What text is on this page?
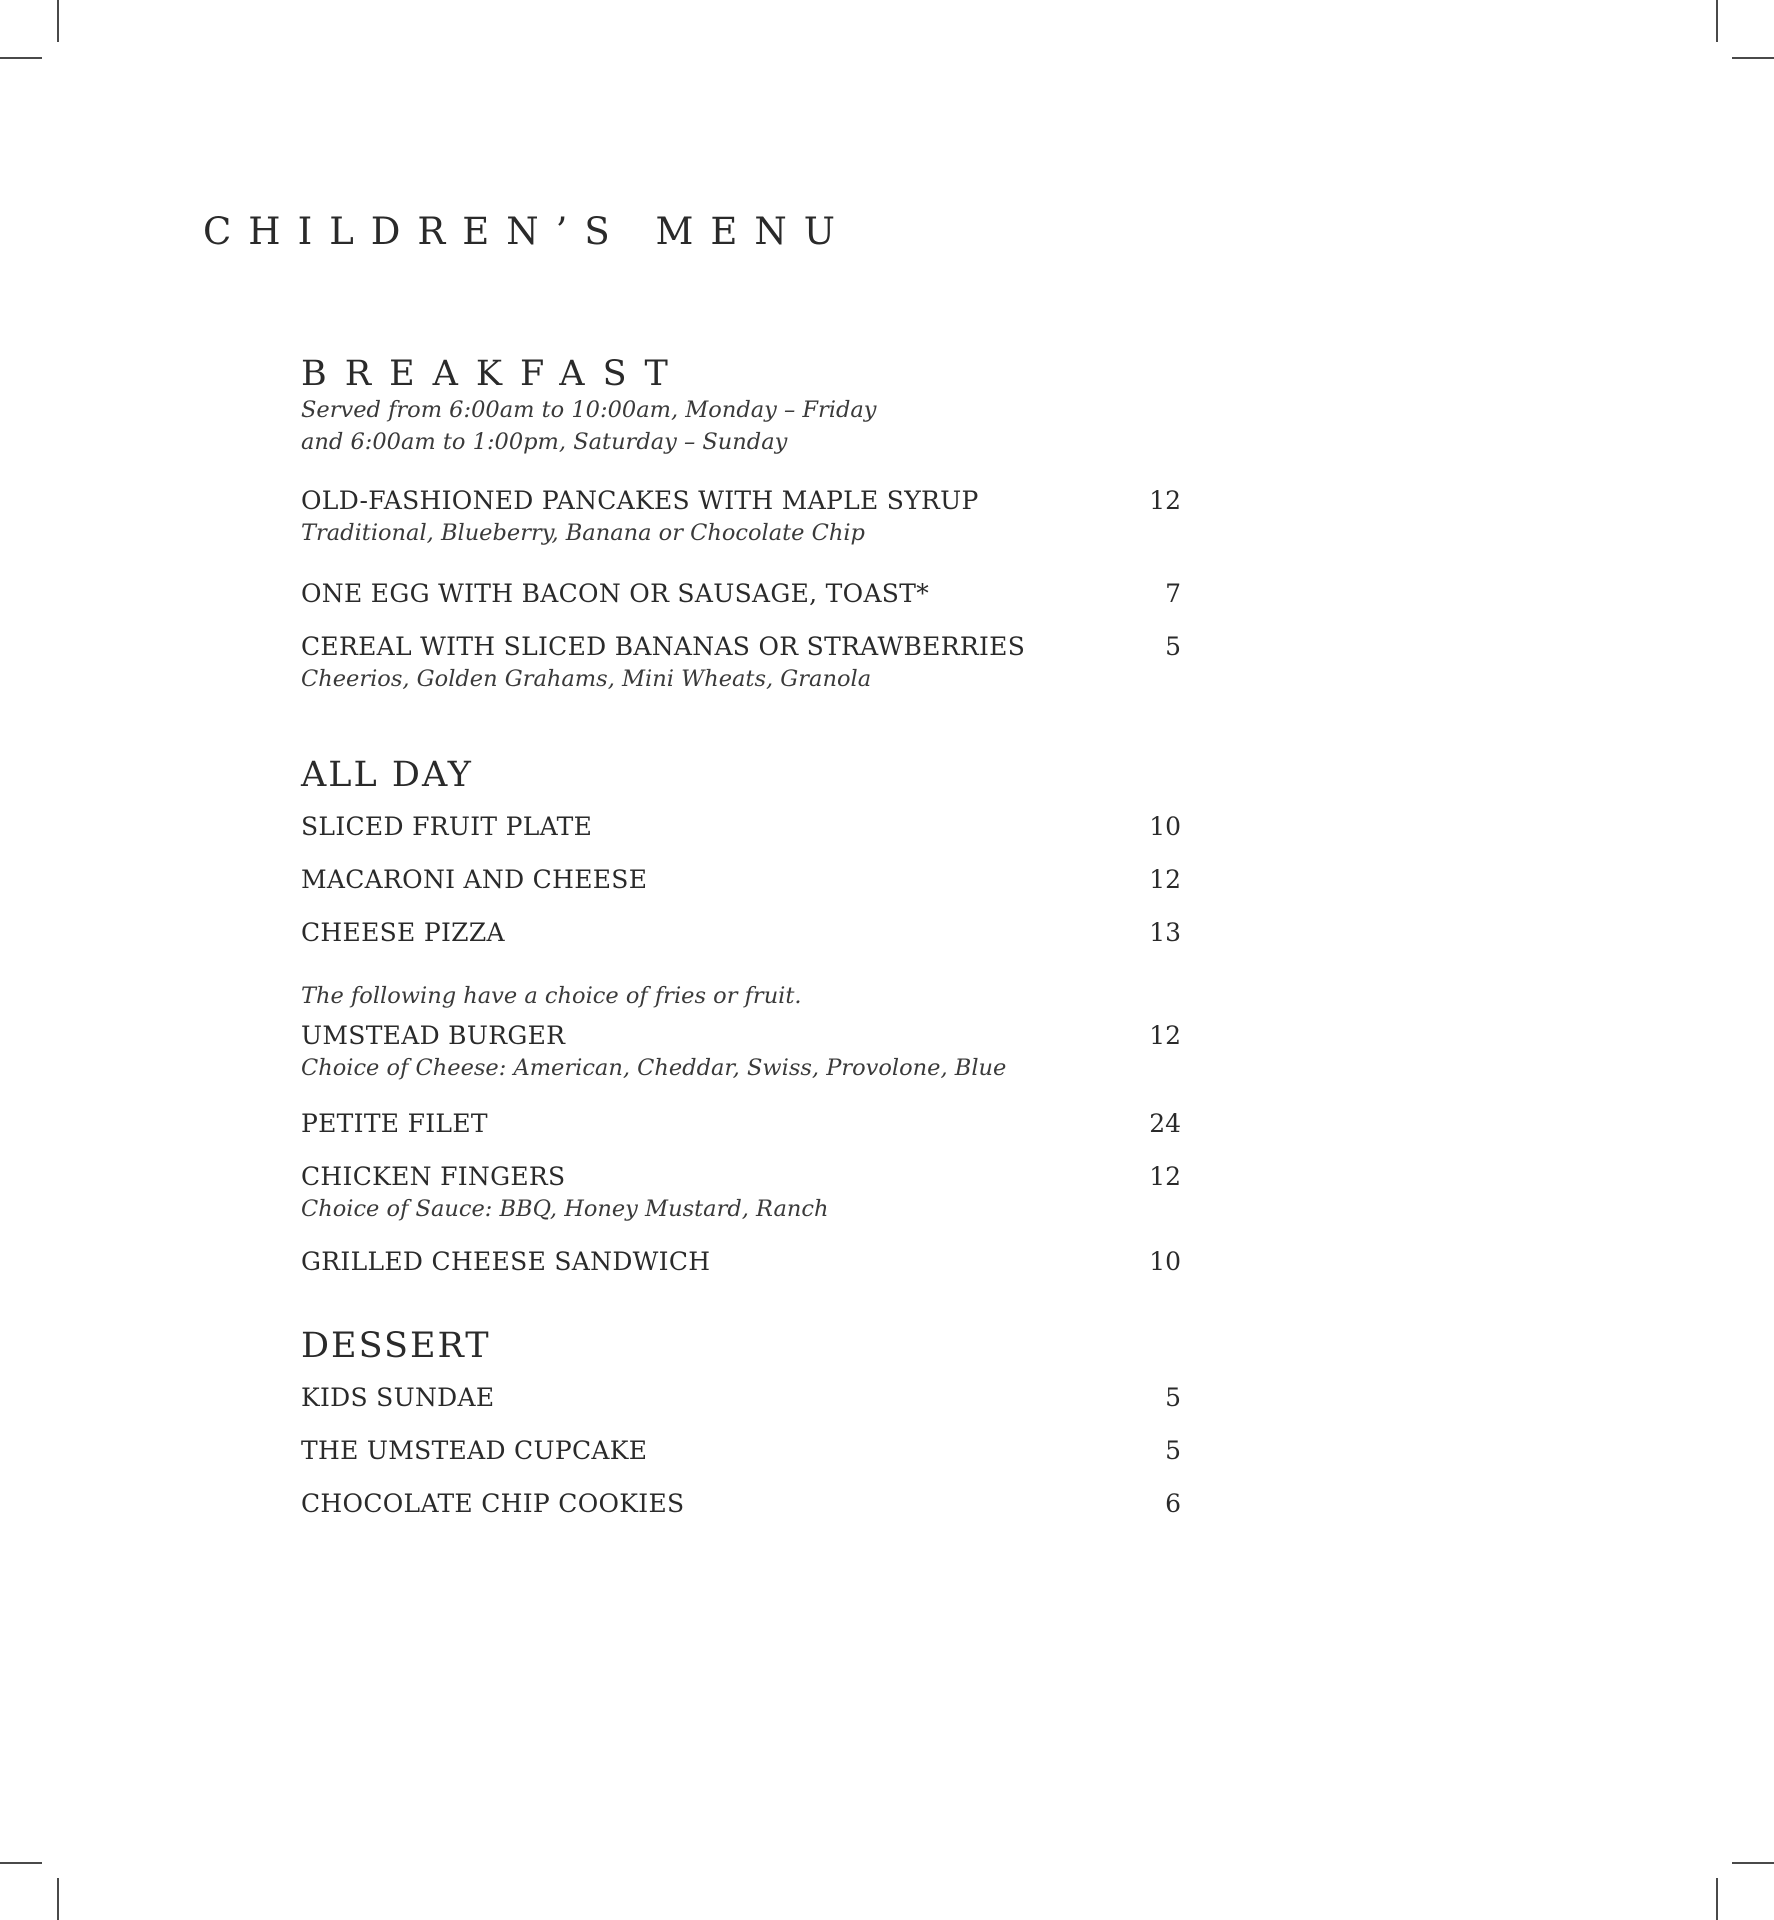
CHILDREN’S MENU
BREAKFAST
Served from 6:00am to 10:00am, Monday – Friday
and 6:00am to 1:00pm, Saturday – Sunday
OLD-FASHIONED PANCAKES WITH MAPLE SYRUP	12
Traditional, Blueberry, Banana or Chocolate Chip
ONE EGG WITH BACON OR SAUSAGE, TOAST*	7
CEREAL WITH SLICED BANANAS OR STRAWBERRIES	5
Cheerios, Golden Grahams, Mini Wheats, Granola
ALL DAY
SLICED FRUIT PLATE	10
MACARONI AND CHEESE	12
CHEESE PIZZA	13
The following have a choice of fries or fruit.
UMSTEAD BURGER	12
Choice of Cheese: American, Cheddar, Swiss, Provolone, Blue
PETITE FILET	24
CHICKEN FINGERS	12
Choice of Sauce: BBQ, Honey Mustard, Ranch
GRILLED CHEESE SANDWICH	10
DESSERT
KIDS SUNDAE	5
THE UMSTEAD CUPCAKE	5
CHOCOLATE CHIP COOKIES	6
